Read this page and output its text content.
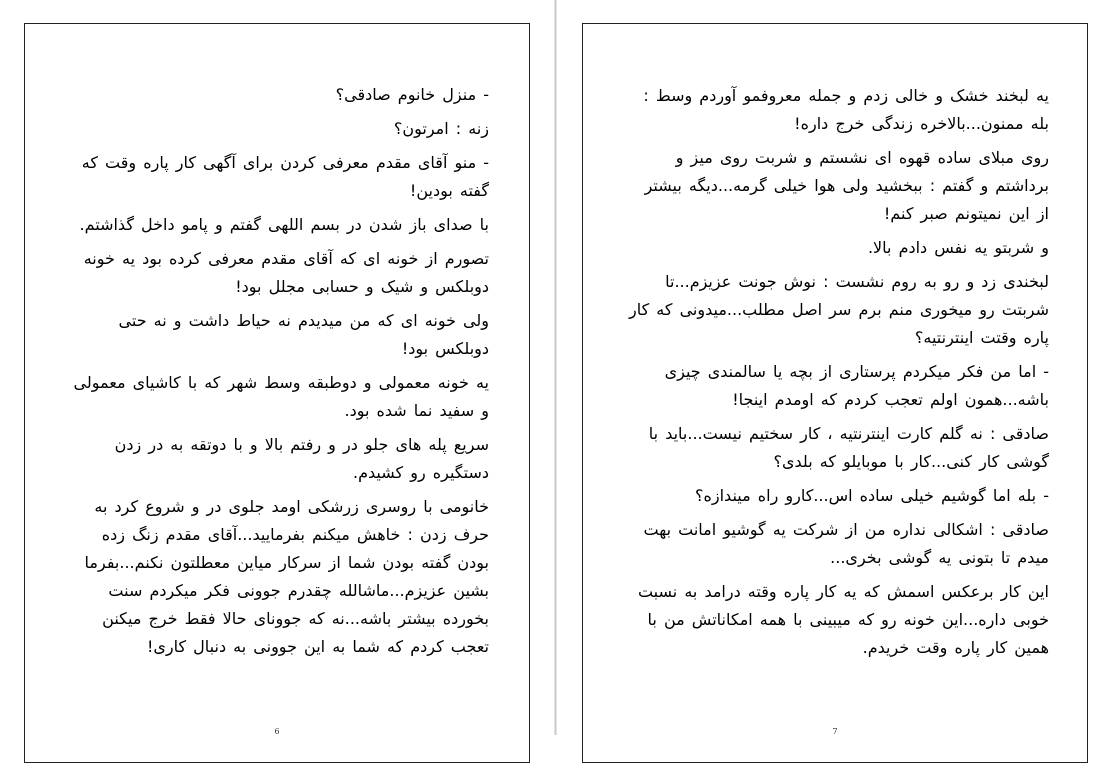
- منزل خانوم صادقی؟

زنه : امرتون؟

- منو آقای مقدم معرفی کردن برای آگهی کار پاره وقت که گفته بودین!

با صدای باز شدن در بسم اللهی گفتم و پامو داخل گذاشتم.

تصورم از خونه ای که آقای مقدم معرفی کرده بود یه خونه دوبلکس و شیک و حسابی مجلل بود!

ولی خونه ای که من میدیدم نه حیاط داشت و نه حتی دوبلکس بود!

یه خونه معمولی و دوطبقه وسط شهر که با کاشیای معمولی و سفید نما شده بود.

سریع پله های جلو در و رفتم بالا و با دوتقه به در زدن دستگیره رو کشیدم.

خانومی با روسری زرشکی اومد جلوی در و شروع کرد به حرف زدن : خاهش میکنم بفرمایید...آقای مقدم زنگ زده بودن گفته بودن شما از سرکار میاین معطلتون نکنم...بفرما بشین عزیزم...ماشالله چقدرم جوونی فکر میکردم سنت بخورده بیشتر باشه...نه که جوونای حالا فقط خرج میکنن تعجب کردم که شما به این جوونی به دنبال کاری!

6

یه لبخند خشک و خالی زدم و جمله معروفمو آوردم وسط : بله ممنون...بالاخره زندگی خرج داره!

روی مبلای ساده قهوه ای نشستم و شربت روی میز و برداشتم و گفتم : ببخشید ولی هوا خیلی گرمه...دیگه بیشتر از این نمیتونم صبر کنم!

و شربتو یه نفس دادم بالا.

لبخندی زد و رو به روم نشست : نوش جونت عزیزم...تا شربتت رو میخوری منم برم سر اصل مطلب...میدونی که کار پاره وقتت اینترنتیه؟

- اما من فکر میکردم پرستاری از بچه یا سالمندی چیزی باشه...همون اولم تعجب کردم که اومدم اینجا!

صادقی : نه گلم کارت اینترنتیه ، کار سختیم نیست...باید با گوشی کار کنی...کار با موبایلو که بلدی؟

- بله اما گوشیم خیلی ساده اس...کارو راه میندازه؟

صادقی : اشکالی نداره من از شرکت یه گوشیو امانت بهت میدم تا بتونی یه گوشی بخری...

این کار برعکس اسمش که یه کار پاره وقته درامد به نسبت خوبی داره...این خونه رو که میبینی با همه امکاناتش من با همین کار پاره وقت خریدم.

7
